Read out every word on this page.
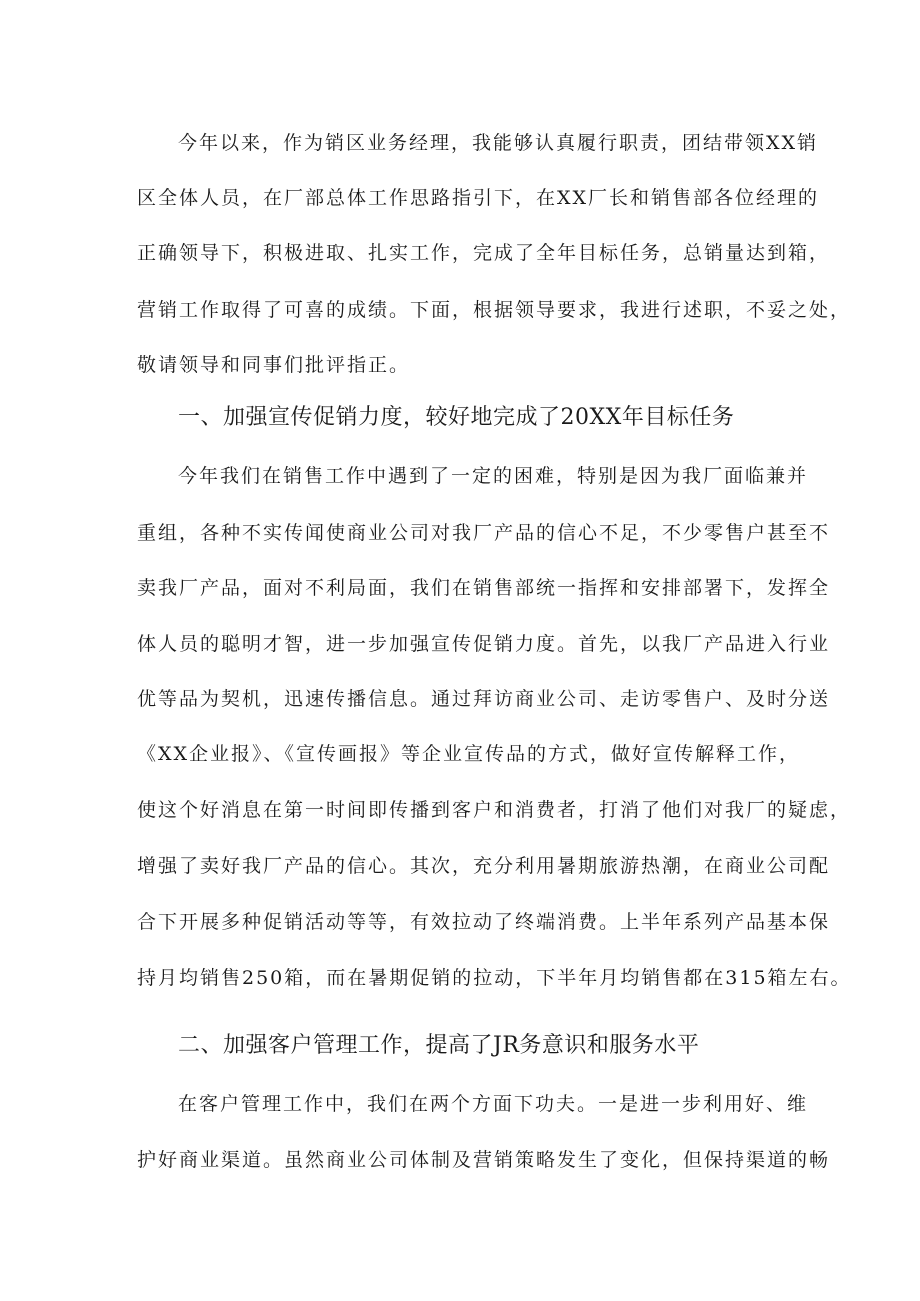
今年以来，作为销区业务经理，我能够认真履行职责，团结带领XX销
区全体人员，在厂部总体工作思路指引下，在XX厂长和销售部各位经理的
正确领导下，积极进取、扎实工作，完成了全年目标任务，总销量达到箱，
营销工作取得了可喜的成绩。下面，根据领导要求，我进行述职，不妥之处，
敬请领导和同事们批评指正。
一、加强宣传促销力度，较好地完成了20XX年目标任务
今年我们在销售工作中遇到了一定的困难，特别是因为我厂面临兼并
重组，各种不实传闻使商业公司对我厂产品的信心不足，不少零售户甚至不
卖我厂产品，面对不利局面，我们在销售部统一指挥和安排部署下，发挥全
体人员的聪明才智，进一步加强宣传促销力度。首先，以我厂产品进入行业
优等品为契机，迅速传播信息。通过拜访商业公司、走访零售户、及时分送
《XX企业报》、《宣传画报》等企业宣传品的方式，做好宣传解释工作，
使这个好消息在第一时间即传播到客户和消费者，打消了他们对我厂的疑虑，
增强了卖好我厂产品的信心。其次，充分利用暑期旅游热潮，在商业公司配
合下开展多种促销活动等等，有效拉动了终端消费。上半年系列产品基本保
持月均销售250箱，而在暑期促销的拉动，下半年月均销售都在315箱左右。
二、加强客户管理工作，提高了JR务意识和服务水平
在客户管理工作中，我们在两个方面下功夫。一是进一步利用好、维
护好商业渠道。虽然商业公司体制及营销策略发生了变化，但保持渠道的畅
